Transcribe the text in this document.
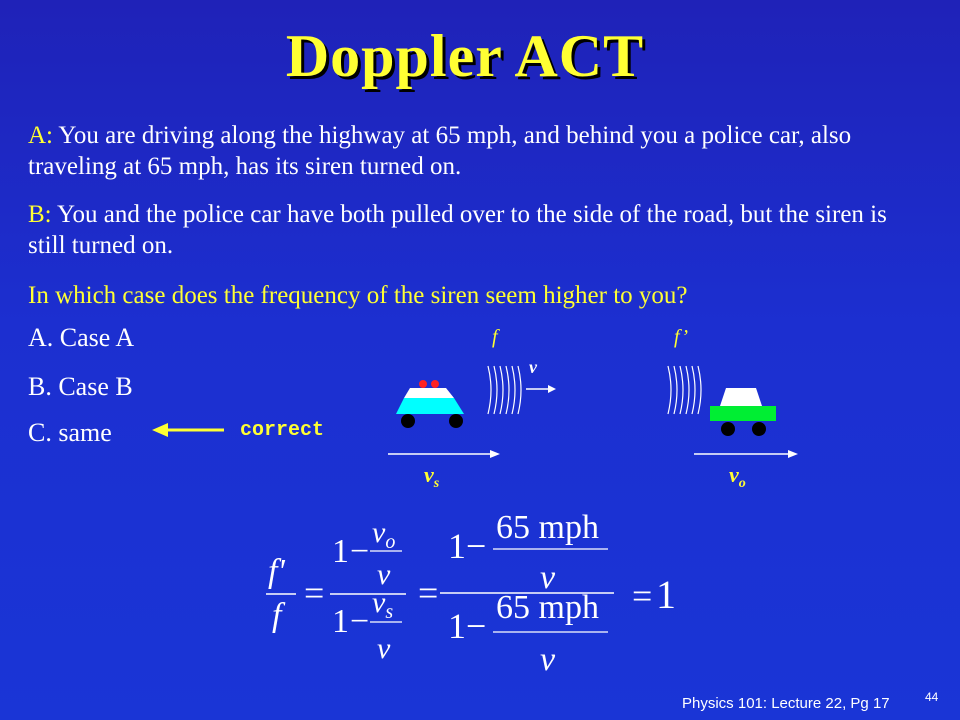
Doppler ACT
A: You are driving along the highway at 65 mph, and behind you a police car, also traveling at 65 mph, has its siren turned on.
B: You and the police car have both pulled over to the side of the road, but the siren is still turned on.
In which case does the frequency of the siren seem higher to you?
A. Case A
B. Case B
C. same	correct
f
v
f’
$v_s$	$v_o$
f'
f
=
1 −
$v_o$
v
1 −
$v_s$
v
=
1 − 65 mph
v
1 − 65 mph
v
= 1
Physics 101: Lecture 22, Pg 17	44
